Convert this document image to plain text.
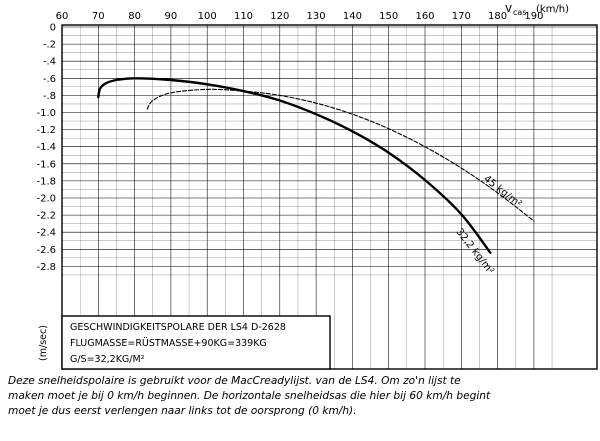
60 70 80 90 100 110 120 130 140 150 160 170 180 190
0
-.2
-.4
-.6
-.8
-1.0
-1.2
-1.4
-1.6
-1.8
-2.0
-2.2
-2.4
-2.6
-2.8
v cas (km/h)
32,2 kg/m²
45 kg/m²
GESCHWINDIGKEITSPOLARE DER LS4 D-2628
FLUGMASSE=RÜSTMASSE+90KG=339KG
G/S=32,2KG/M²
(m/sec)
Deze snelheidspolaire is gebruikt voor de MacCreadylijst. van de LS4. Om zo'n lijst te
maken moet je bij 0 km/h beginnen. De horizontale snelheidsas die hier bij 60 km/h begint
moet je dus eerst verlengen naar links tot de oorsprong (0 km/h).
